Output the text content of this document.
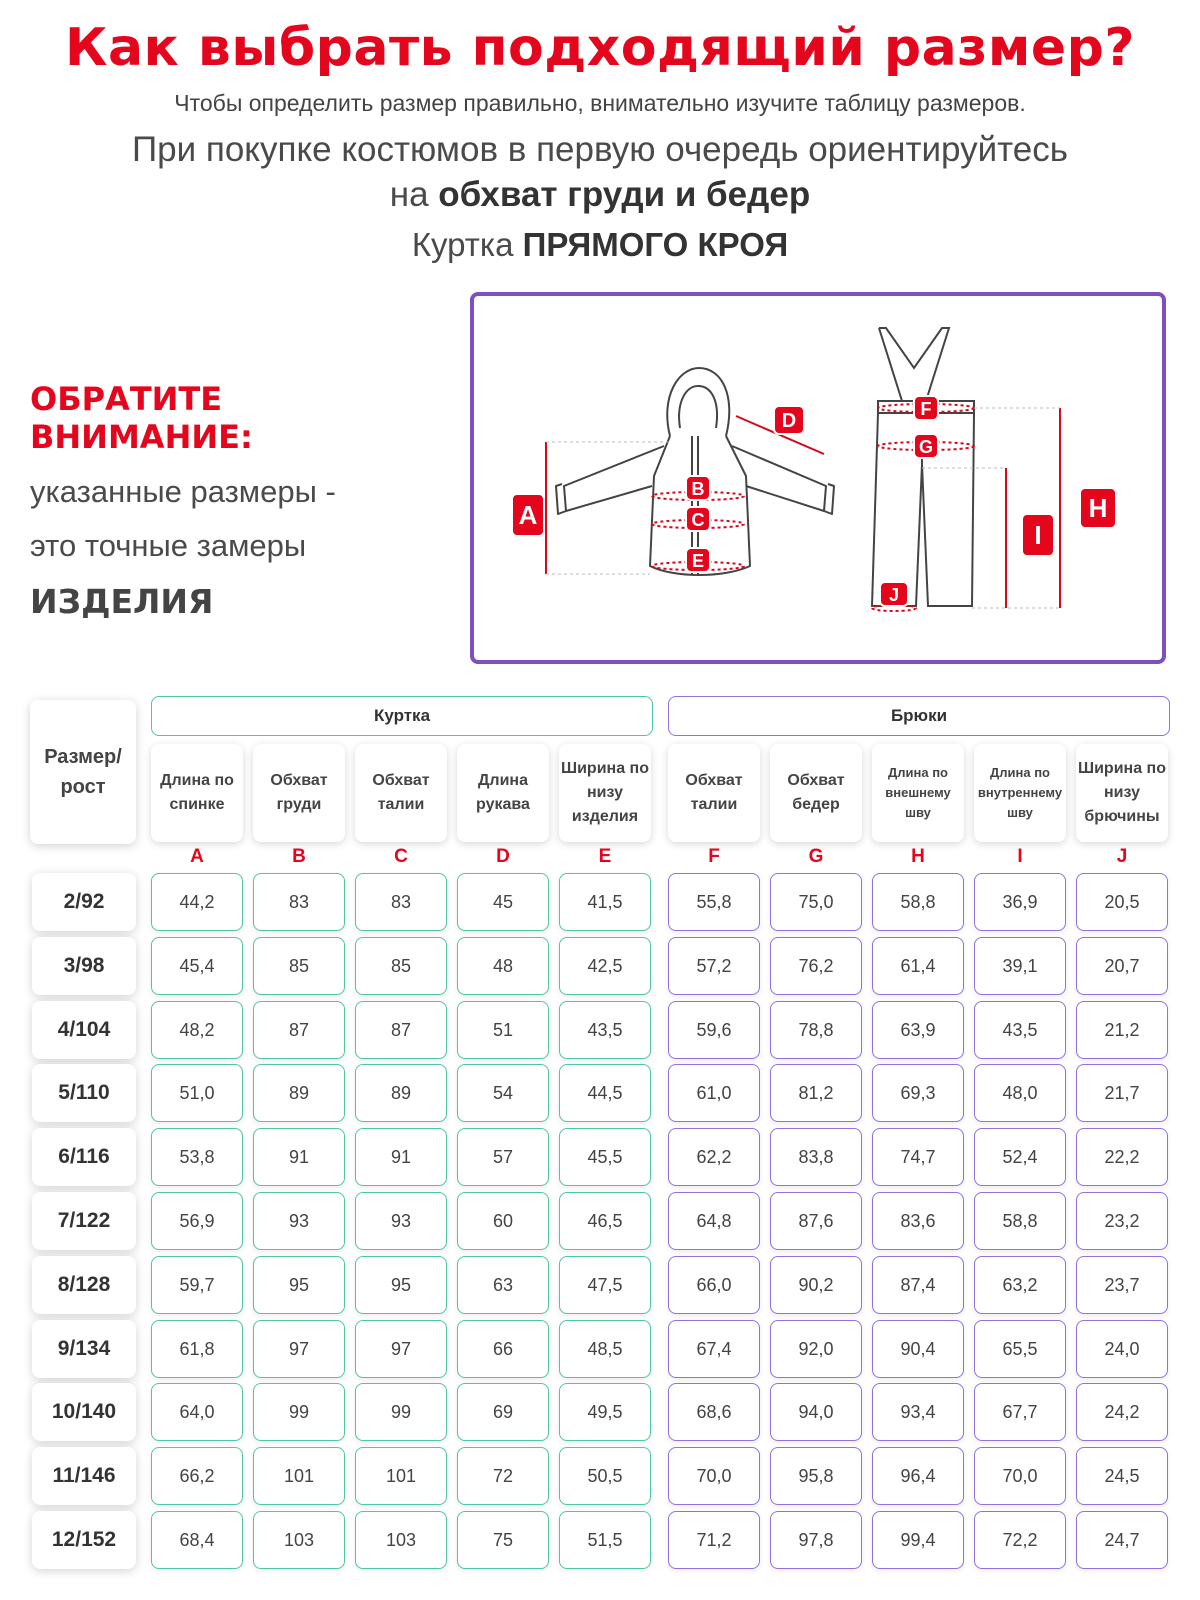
Как выбрать подходящий размер?
Чтобы определить размер правильно, внимательно изучите таблицу размеров.
При покупке костюмов в первую очередь ориентируйтесь
на обхват груди и бедер
Куртка ПРЯМОГО КРОЯ
ОБРАТИТЕ ВНИМАНИЕ:
указанные размеры -
это точные замеры
ИЗДЕЛИЯ
A
B
C
D
E
F
G
H
I
J
Размер/ рост
Куртка	Брюки
Длина по спинке
A
Обхват груди
B
Обхват талии
C
Длина рукава
D
Ширина по низу изделия
E
Обхват талии
F
Обхват бедер
G
Длина по внешнему шву
H
Длина по внутреннему шву
I
Ширина по низу брючины
J
2/92	44,2	83	83	45	41,5	55,8	75,0	58,8	36,9	20,5
3/98	45,4	85	85	48	42,5	57,2	76,2	61,4	39,1	20,7
4/104	48,2	87	87	51	43,5	59,6	78,8	63,9	43,5	21,2
5/110	51,0	89	89	54	44,5	61,0	81,2	69,3	48,0	21,7
6/116	53,8	91	91	57	45,5	62,2	83,8	74,7	52,4	22,2
7/122	56,9	93	93	60	46,5	64,8	87,6	83,6	58,8	23,2
8/128	59,7	95	95	63	47,5	66,0	90,2	87,4	63,2	23,7
9/134	61,8	97	97	66	48,5	67,4	92,0	90,4	65,5	24,0
10/140	64,0	99	99	69	49,5	68,6	94,0	93,4	67,7	24,2
11/146	66,2	101	101	72	50,5	70,0	95,8	96,4	70,0	24,5
12/152	68,4	103	103	75	51,5	71,2	97,8	99,4	72,2	24,7
